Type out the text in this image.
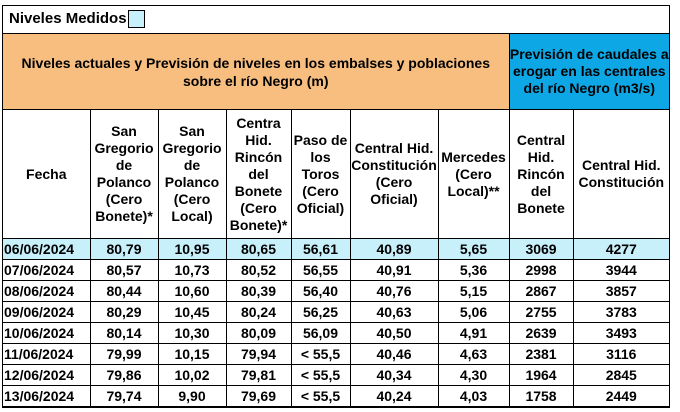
Niveles Medidos
Niveles actuales y Previsión de niveles en los embalses y poblaciones sobre el río Negro (m)							Previsión de caudales a erogar en las centrales del río Negro (m3/s)	
Fecha	San Gregorio de Polanco (Cero Bonete)*	San Gregorio de Polanco (Cero Local)	Centra Hid. Rincón del Bonete (Cero Bonete)*	Paso de los Toros (Cero Oficial)	Central Hid. Constitución (Cero Oficial)	Mercedes (Cero Local)**	Central Hid. Rincón del Bonete	Central Hid. Constitución
06/06/2024	80,79	10,95	80,65	56,61	40,89	5,65	3069	4277
07/06/2024	80,57	10,73	80,52	56,55	40,91	5,36	2998	3944
08/06/2024	80,44	10,60	80,39	56,40	40,76	5,15	2867	3857
09/06/2024	80,29	10,45	80,24	56,25	40,63	5,06	2755	3783
10/06/2024	80,14	10,30	80,09	56,09	40,50	4,91	2639	3493
11/06/2024	79,99	10,15	79,94	< 55,5	40,46	4,63	2381	3116
12/06/2024	79,86	10,02	79,81	< 55,5	40,34	4,30	1964	2845
13/06/2024	79,74	9,90	79,69	< 55,5	40,24	4,03	1758	2449
